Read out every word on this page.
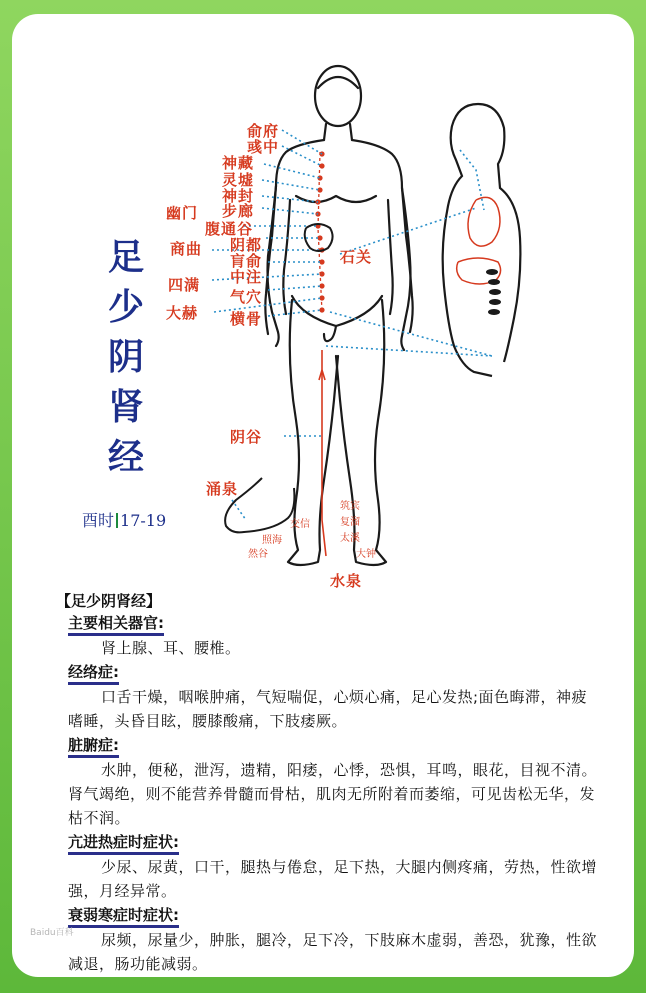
俞府
彧中
神藏
灵墟
神封
步廊
幽门
腹通谷
阴都
商曲
肓俞	石关
四满 中注
气穴
大赫 横骨
阴谷
涌泉
筑宾
交信	复溜
照海	太溪
然谷	大钟
水泉
足
少
阴
肾
经
酉时 17-19
【足少阴肾经】
主要相关器官:
肾上腺、耳、腰椎。
经络症:
口舌干燥，咽喉肿痛，气短喘促，心烦心痛，足心发热;面色晦滞，神疲嗜睡，头昏目眩，腰膝酸痛，下肢痿厥。
脏腑症:
水肿，便秘，泄泻，遗精，阳痿，心悸，恐惧，耳鸣，眼花，目视不清。肾气竭绝，则不能营养骨髓而骨枯，肌肉无所附着而萎缩，可见齿松无华，发枯不润。
亢进热症时症状:
少尿、尿黄，口干，腿热与倦怠，足下热，大腿内侧疼痛，劳热，性欲增强，月经异常。
衰弱寒症时症状:
尿频，尿量少，肿胀，腿冷，足下冷，下肢麻木虚弱，善恐，犹豫，性欲减退，肠功能减弱。
Baidu百科
